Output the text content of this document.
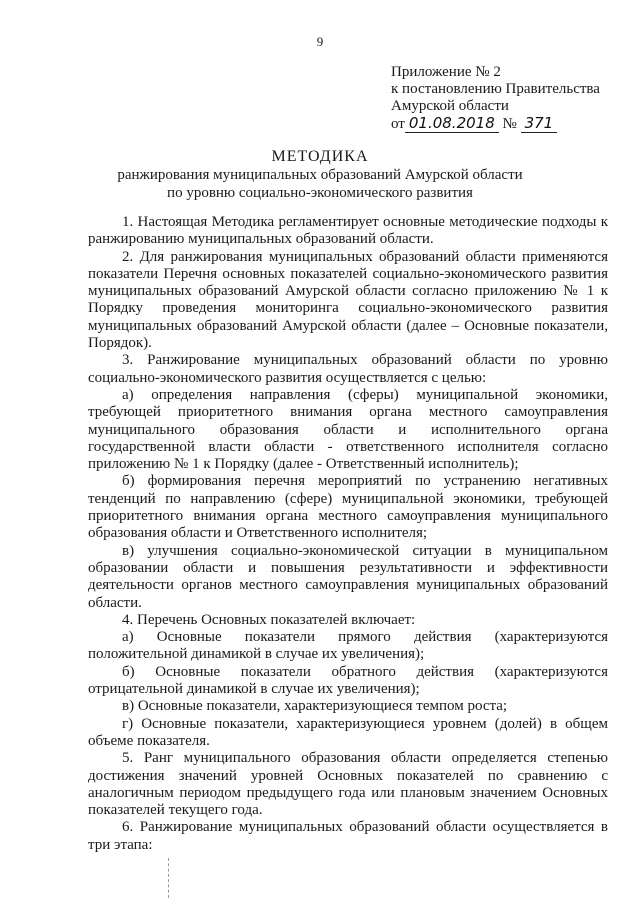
9
Приложение № 2
к постановлению Правительства
Амурской области
от 01.08.2018 № 371
МЕТОДИКА
ранжирования муниципальных образований Амурской области
по уровню социально-экономического развития

1. Настоящая Методика регламентирует основные методические подходы к ранжированию муниципальных образований области.

2. Для ранжирования муниципальных образований области применяются показатели Перечня основных показателей социально-экономического развития муниципальных образований Амурской области согласно приложению № 1 к Порядку проведения мониторинга социально-экономического развития муниципальных образований Амурской области (далее – Основные показатели, Порядок).

3. Ранжирование муниципальных образований области по уровню социально-экономического развития осуществляется с целью:

а) определения направления (сферы) муниципальной экономики, требующей приоритетного внимания органа местного самоуправления муниципального образования области и исполнительного органа государственной власти области - ответственного исполнителя согласно приложению № 1 к Порядку (далее - Ответственный исполнитель);

б) формирования перечня мероприятий по устранению негативных тенденций по направлению (сфере) муниципальной экономики, требующей приоритетного внимания органа местного самоуправления муниципального образования области и Ответственного исполнителя;

в) улучшения социально-экономической ситуации в муниципальном образовании области и повышения результативности и эффективности деятельности органов местного самоуправления муниципальных образований области.

4. Перечень Основных показателей включает:

а) Основные показатели прямого действия (характеризуются положительной динамикой в случае их увеличения);

б) Основные показатели обратного действия (характеризуются отрицательной динамикой в случае их увеличения);

в) Основные показатели, характеризующиеся темпом роста;

г) Основные показатели, характеризующиеся уровнем (долей) в общем объеме показателя.

5. Ранг муниципального образования области определяется степенью достижения значений уровней Основных показателей по сравнению с аналогичным периодом предыдущего года или плановым значением Основных показателей текущего года.

6. Ранжирование муниципальных образований области осуществляется в три этапа:
